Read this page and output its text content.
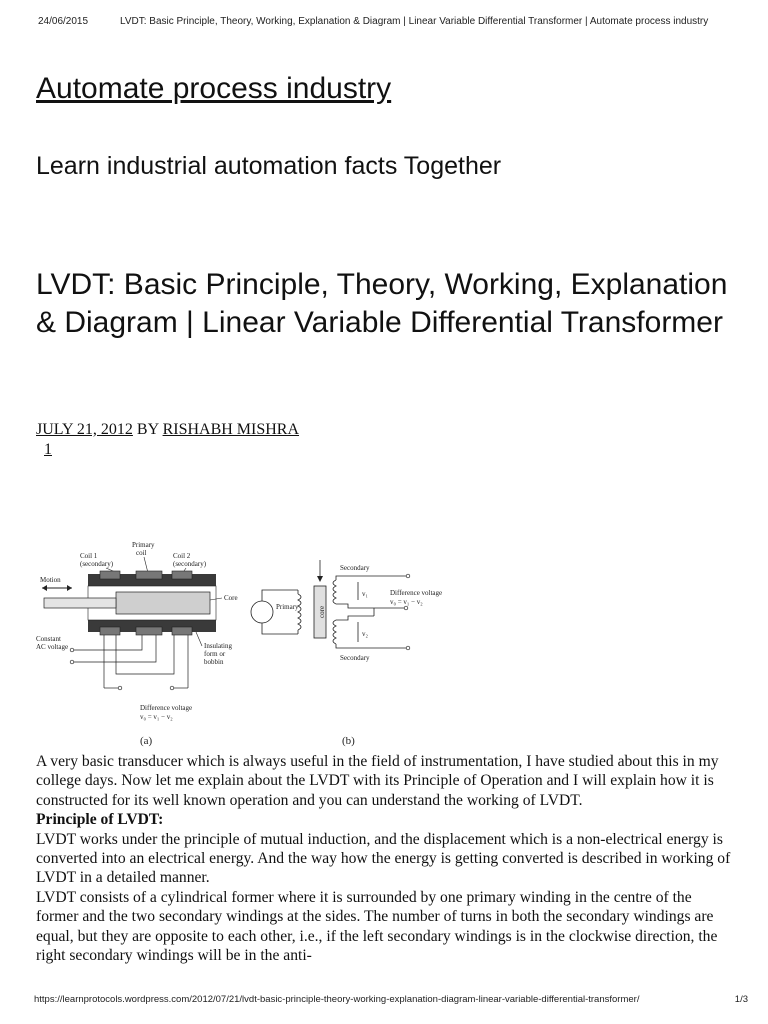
24/06/2015	LVDT: Basic Principle, Theory, Working, Explanation & Diagram | Linear Variable Differential Transformer | Automate process industry
Automate process industry
Learn industrial automation facts Together
LVDT: Basic Principle, Theory, Working, Explanation & Diagram | Linear Variable Differential Transformer
JULY 21, 2012 BY RISHABH MISHRA
1
Primary
coil
Coil 1
(secondary)
Coil 2
(secondary)
Motion
Core
Insulating
form or
bobbin
Constant
AC voltage
Difference voltage
v₀ = v₁ − v₂
(a)
Primary	core
Secondary
Secondary
v₁
v₂
Difference voltage
v₀ = v₁ − v₂
(b)

A very basic transducer which is always useful in the field of instrumentation, I have studied about this in my college days. Now let me explain about the LVDT with its Principle of Operation and I will explain how it is constructed for its well known operation and you can understand the working of LVDT.

Principle of LVDT:

LVDT works under the principle of mutual induction, and the displacement which is a non-electrical energy is converted into an electrical energy. And the way how the energy is getting converted is described in working of LVDT in a detailed manner.

LVDT consists of a cylindrical former where it is surrounded by one primary winding in the centre of the former and the two secondary windings at the sides. The number of turns in both the secondary windings are equal, but they are opposite to each other, i.e., if the left secondary windings is in the clockwise direction, the right secondary windings will be in the anti-

https://learnprotocols.wordpress.com/2012/07/21/lvdt-basic-principle-theory-working-explanation-diagram-linear-variable-differential-transformer/	1/3
